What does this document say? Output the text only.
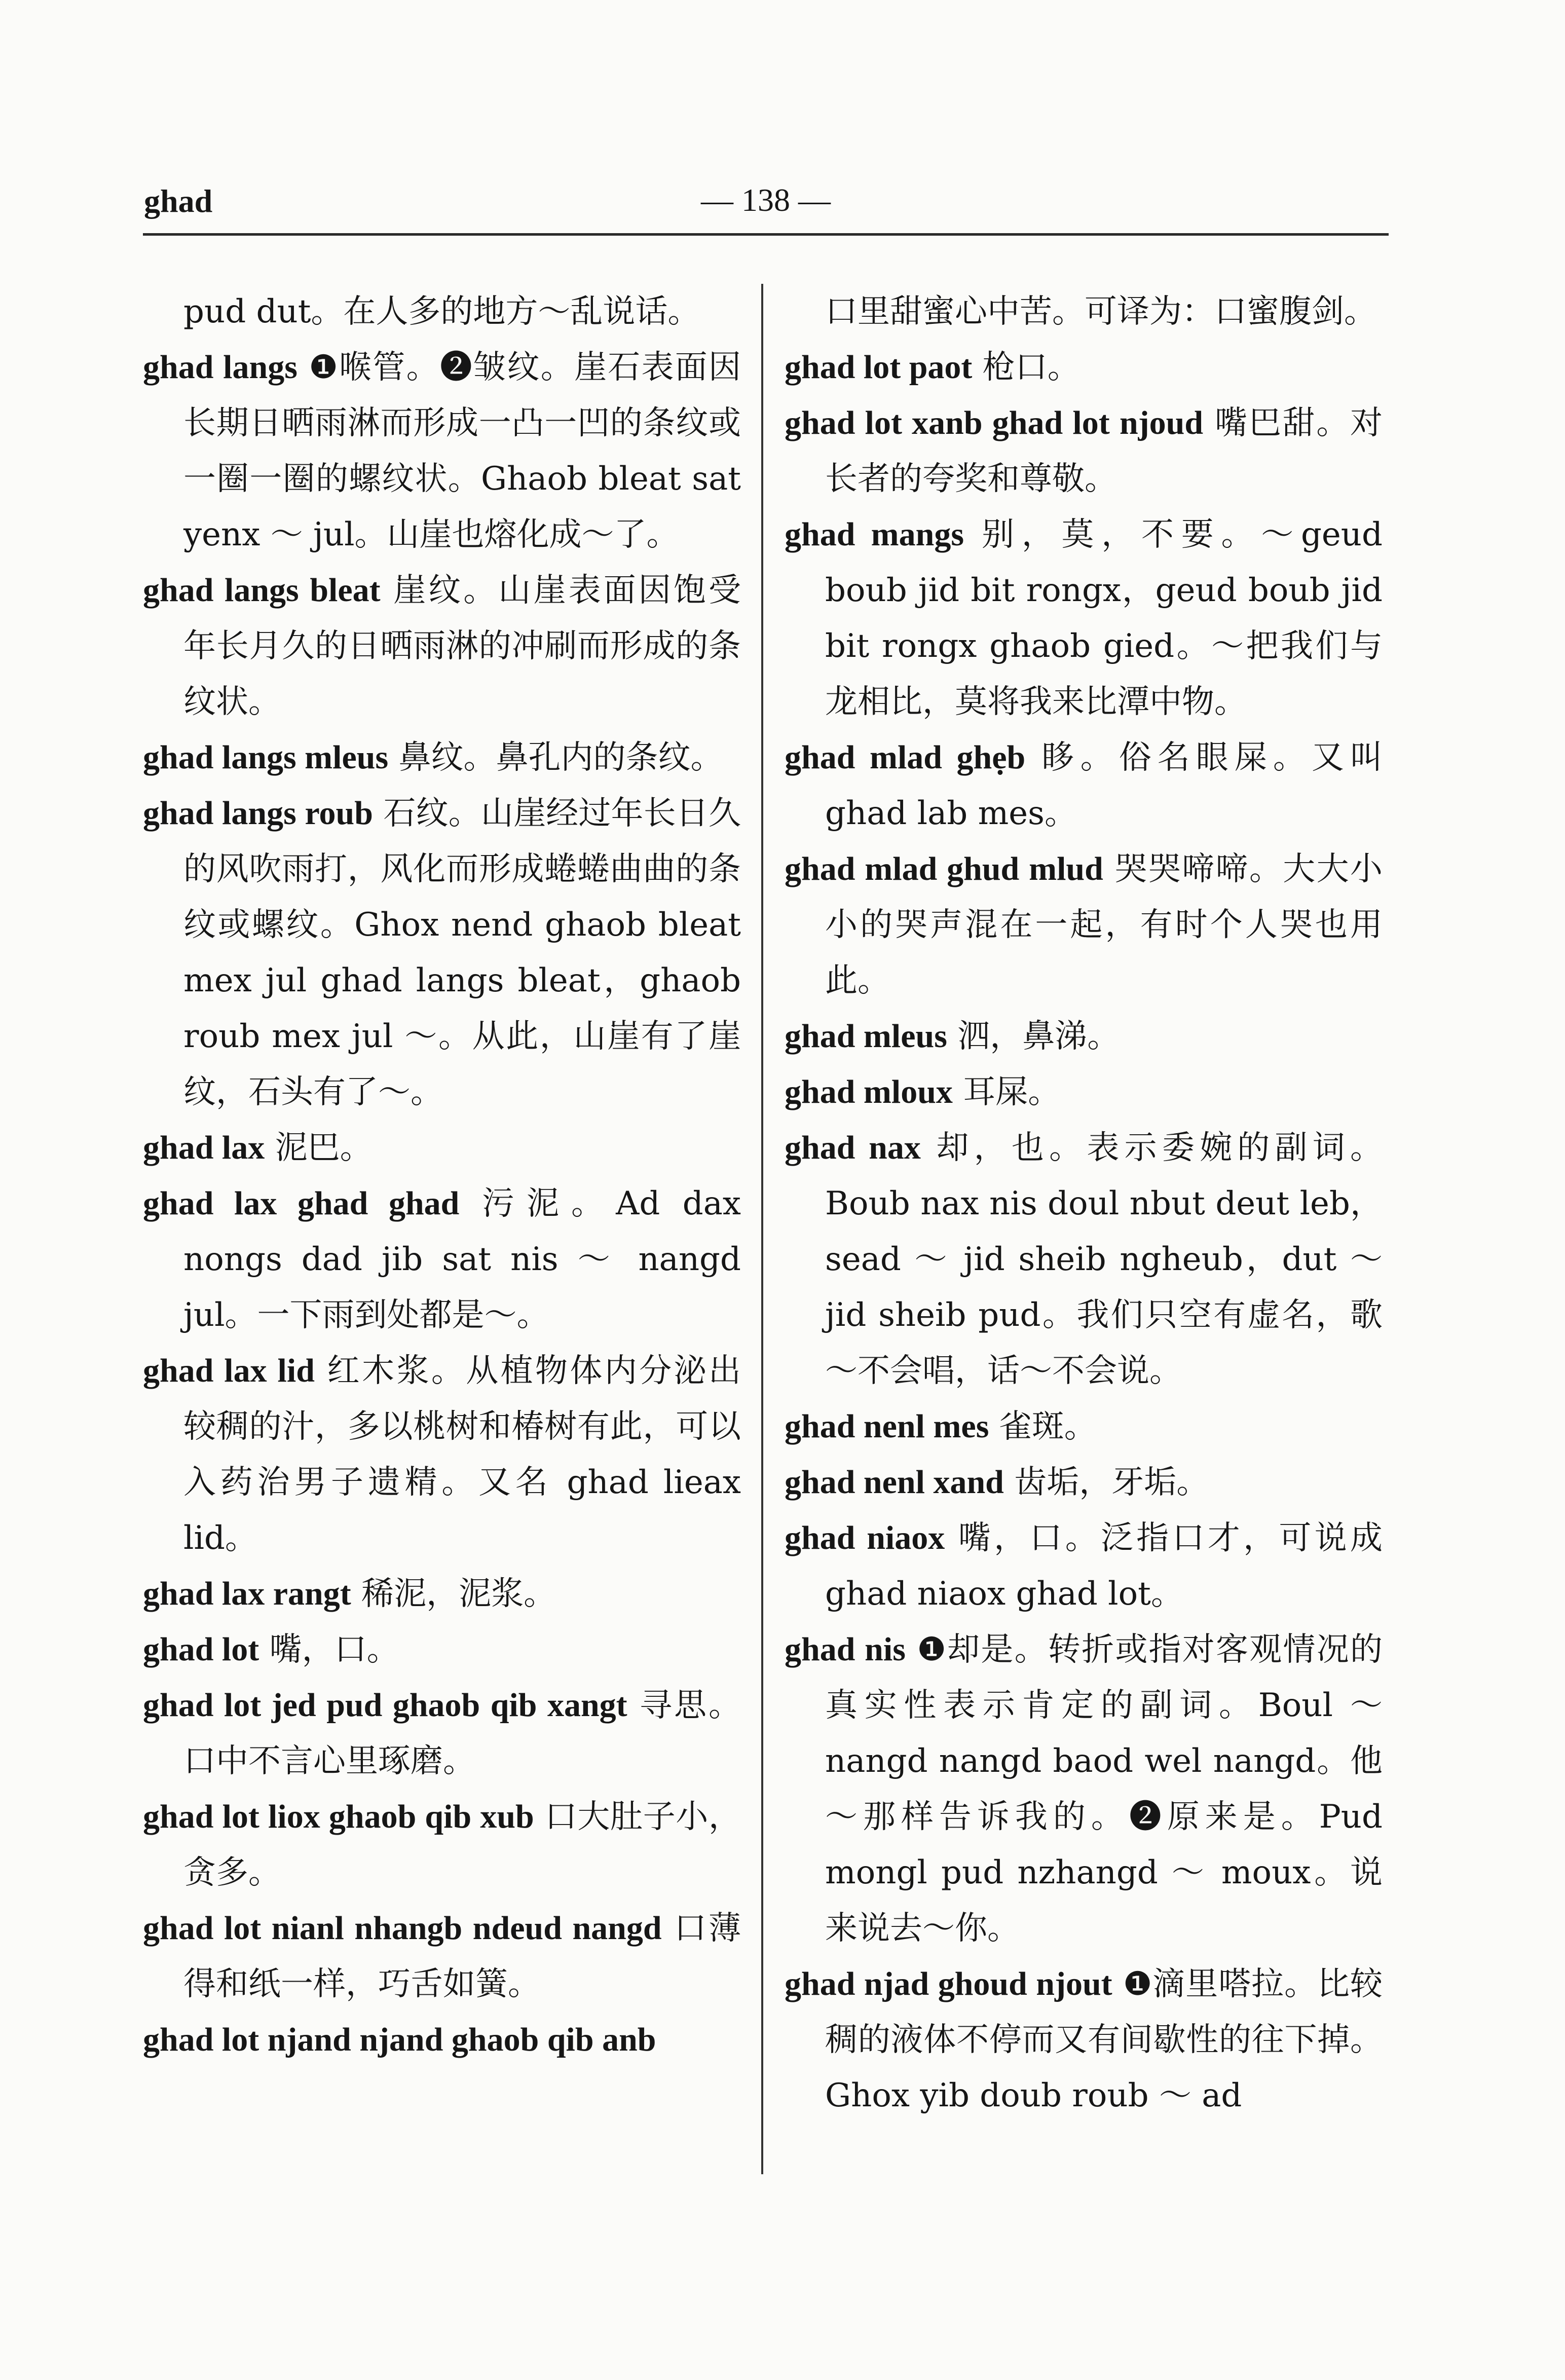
ghad	— 138 —

pud dut。在人多的地方～乱说话。

ghad langs ❶喉管。❷皱纹。崖石表面因长期日晒雨淋而形成一凸一凹的条纹或一圈一圈的螺纹状。Ghaob bleat sat yenx ～ jul。山崖也熔化成～了。

ghad langs bleat 崖纹。山崖表面因饱受年长月久的日晒雨淋的冲刷而形成的条纹状。

ghad langs mleus 鼻纹。鼻孔内的条纹。

ghad langs roub 石纹。山崖经过年长日久的风吹雨打，风化而形成蜷蜷曲曲的条纹或螺纹。Ghox nend ghaob bleat mex jul ghad langs bleat，ghaob roub mex jul ～。从此，山崖有了崖纹，石头有了～。

ghad lax 泥巴。

ghad lax ghad ghad 污泥。Ad dax nongs dad jib sat nis ～ nangd jul。一下雨到处都是～。

ghad lax lid 红木浆。从植物体内分泌出较稠的汁，多以桃树和椿树有此，可以入药治男子遗精。又名 ghad lieax lid。

ghad lax rangt 稀泥，泥浆。

ghad lot 嘴，口。

ghad lot jed pud ghaob qib xangt 寻思。口中不言心里琢磨。

ghad lot liox ghaob qib xub 口大肚子小，贪多。

ghad lot nianl nhangb ndeud nangd 口薄得和纸一样，巧舌如簧。

ghad lot njand njand ghaob qib anb

口里甜蜜心中苦。可译为：口蜜腹剑。

ghad lot paot 枪口。

ghad lot xanb ghad lot njoud 嘴巴甜。对长者的夸奖和尊敬。

ghad mangs 别，莫，不要。～geud boub jid bit rongx，geud boub jid bit rongx ghaob gied。～把我们与龙相比，莫将我来比潭中物。

ghad mlad ghẹb 眵。俗名眼屎。又叫 ghad lab mes。

ghad mlad ghud mlud 哭哭啼啼。大大小小的哭声混在一起，有时个人哭也用此。

ghad mleus 泗，鼻涕。

ghad mloux 耳屎。

ghad nax 却，也。表示委婉的副词。Boub nax nis doul nbut deut leb，sead ～ jid sheib ngheub，dut ～ jid sheib pud。我们只空有虚名，歌～不会唱，话～不会说。

ghad nenl mes 雀斑。

ghad nenl xand 齿垢，牙垢。

ghad niaox 嘴，口。泛指口才，可说成 ghad niaox ghad lot。

ghad nis ❶却是。转折或指对客观情况的真实性表示肯定的副词。Boul ～ nangd nangd baod wel nangd。他～那样告诉我的。❷原来是。Pud mongl pud nzhangd ～ moux。说来说去～你。

ghad njad ghoud njout ❶滴里嗒拉。比较稠的液体不停而又有间歇性的往下掉。Ghox yib doub roub ～ ad
